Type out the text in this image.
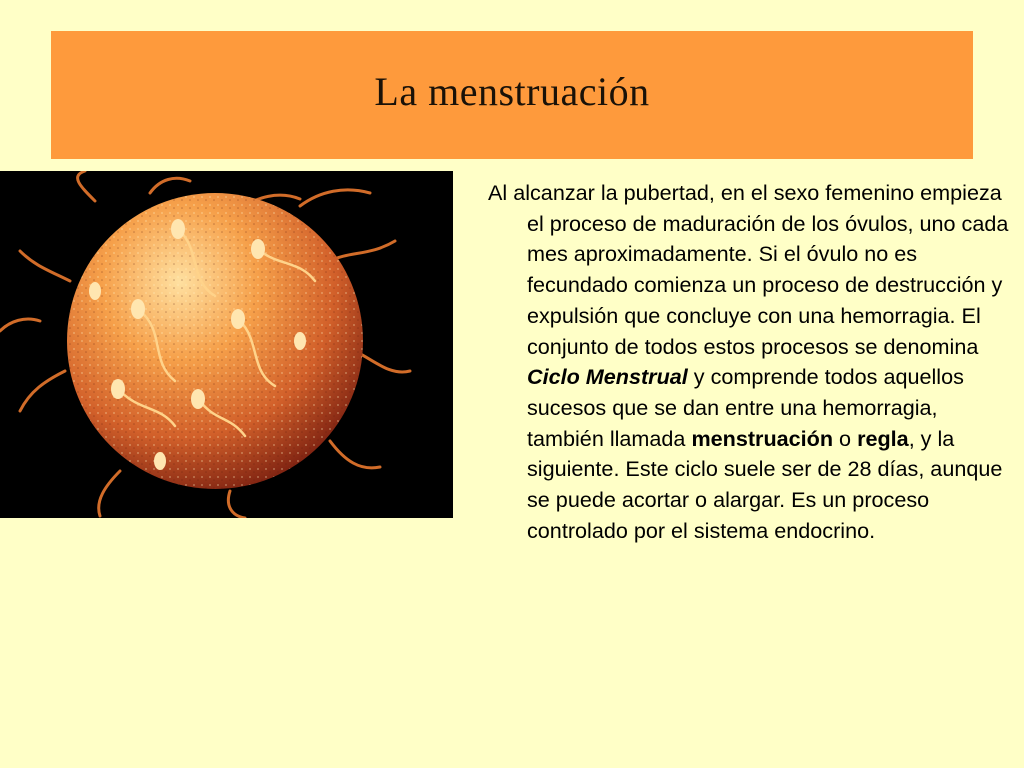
La menstruación

Al alcanzar la pubertad, en el sexo femenino empieza el proceso de maduración de los óvulos, uno cada mes aproximadamente. Si el óvulo no es fecundado comienza un proceso de destrucción y expulsión que concluye con una hemorragia. El conjunto de todos estos procesos se denomina Ciclo Menstrual y comprende todos aquellos sucesos que se dan entre una hemorragia, también llamada menstruación o regla, y la siguiente. Este ciclo suele ser de 28 días, aunque se puede acortar o alargar. Es un proceso controlado por el sistema endocrino.
